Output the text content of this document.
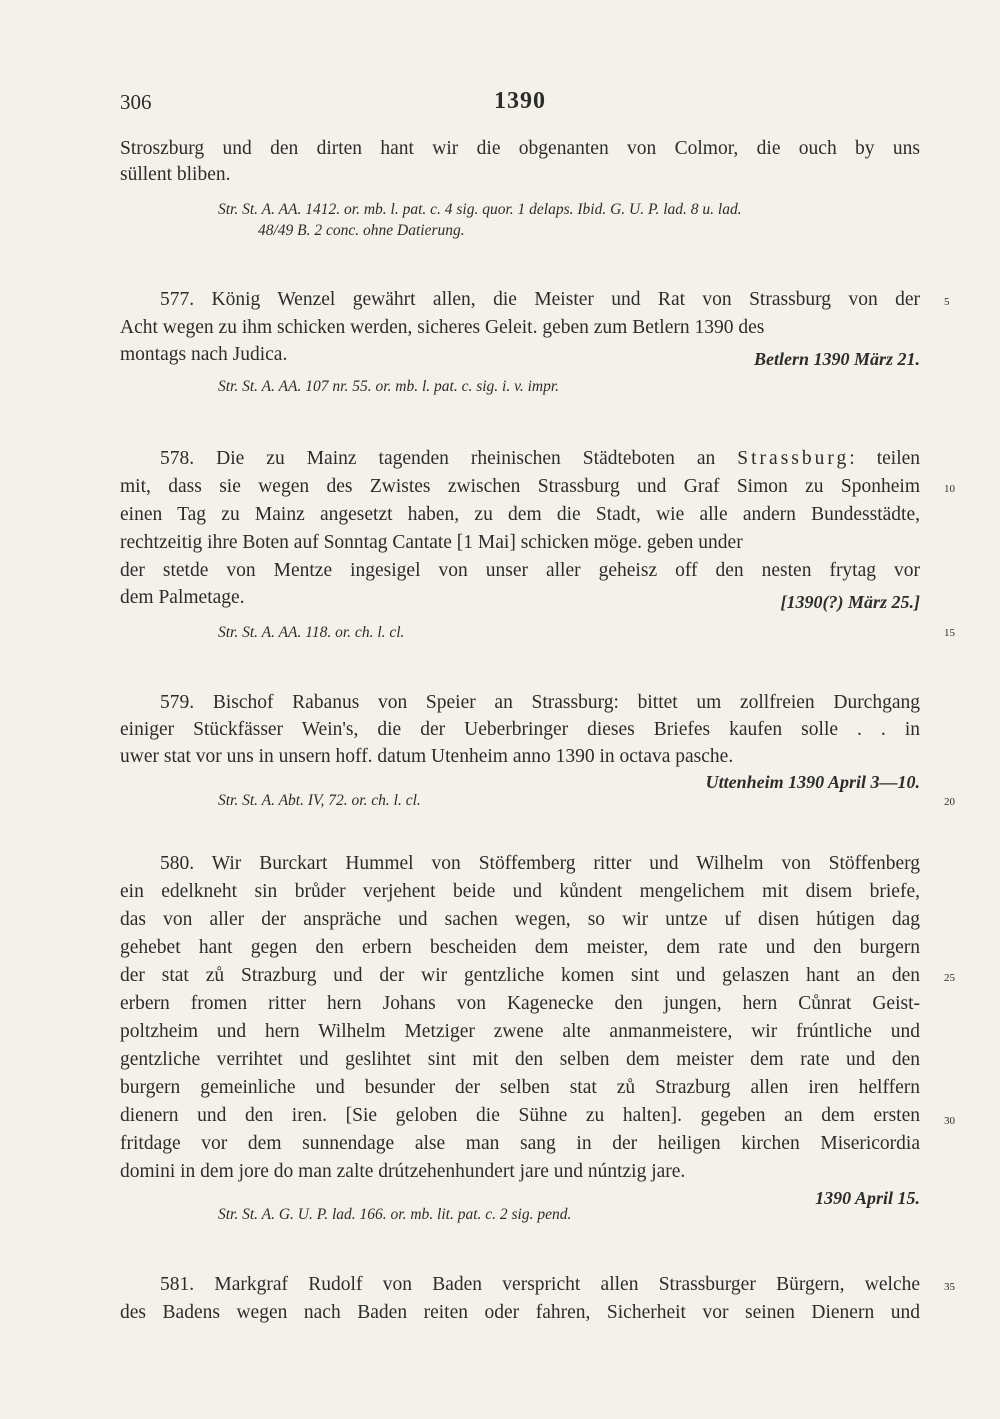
306	1390
Stroszburg und den dirten hant wir die obgenanten von Colmor, die ouch by uns
süllent bliben.
Str. St. A. AA. 1412. or. mb. l. pat. c. 4 sig. quor. 1 delaps. Ibid. G. U. P. lad. 8 u. lad.
48/49 B. 2 conc. ohne Datierung.
577. König Wenzel gewährt allen, die Meister und Rat von Strassburg von der
Acht wegen zu ihm schicken werden, sicheres Geleit. geben zum Betlern 1390 des
montags nach Judica.	Betlern 1390 März 21.
Str. St. A. AA. 107 nr. 55. or. mb. l. pat. c. sig. i. v. impr.
578. Die zu Mainz tagenden rheinischen Städteboten an Strassburg: teilen
mit, dass sie wegen des Zwistes zwischen Strassburg und Graf Simon zu Sponheim
einen Tag zu Mainz angesetzt haben, zu dem die Stadt, wie alle andern Bundesstädte,
rechtzeitig ihre Boten auf Sonntag Cantate [1 Mai] schicken möge. geben under
der stetde von Mentze ingesigel von unser aller geheisz off den nesten frytag vor
dem Palmetage.	[1390(?) März 25.]
Str. St. A. AA. 118. or. ch. l. cl.
579. Bischof Rabanus von Speier an Strassburg: bittet um zollfreien Durchgang
einiger Stückfässer Wein's, die der Ueberbringer dieses Briefes kaufen solle . . in
uwer stat vor uns in unsern hoff. datum Utenheim anno 1390 in octava pasche.
Uttenheim 1390 April 3—10.
Str. St. A. Abt. IV, 72. or. ch. l. cl.
580. Wir Burckart Hummel von Stöffemberg ritter und Wilhelm von Stöffenberg
ein edelkneht sin brůder verjehent beide und kůndent mengelichem mit disem briefe,
das von aller der anspräche und sachen wegen, so wir untze uf disen hútigen dag
gehebet hant gegen den erbern bescheiden dem meister, dem rate und den burgern
der stat zů Strazburg und der wir gentzliche komen sint und gelaszen hant an den
erbern fromen ritter hern Johans von Kagenecke den jungen, hern Cůnrat Geist-
poltzheim und hern Wilhelm Metziger zwene alte anmanmeistere, wir frúntliche und
gentzliche verrihtet und geslihtet sint mit den selben dem meister dem rate und den
burgern gemeinliche und besunder der selben stat zů Strazburg allen iren helffern
dienern und den iren. [Sie geloben die Sühne zu halten]. gegeben an dem ersten
fritdage vor dem sunnendage alse man sang in der heiligen kirchen Misericordia
domini in dem jore do man zalte drútzehenhundert jare und núntzig jare.
1390 April 15.
Str. St. A. G. U. P. lad. 166. or. mb. lit. pat. c. 2 sig. pend.
581. Markgraf Rudolf von Baden verspricht allen Strassburger Bürgern, welche
des Badens wegen nach Baden reiten oder fahren, Sicherheit vor seinen Dienern und
5
10
15
20
25
30
35
